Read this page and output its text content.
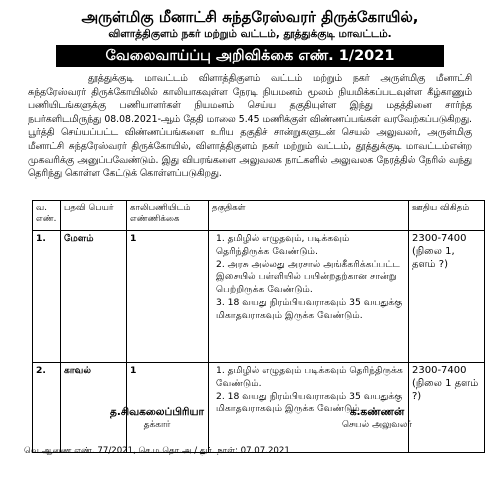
அருள்மிகு மீனாட்சி சுந்தரேஸ்வரர் திருக்கோயில்,
விளாத்திகுளம் நகர் மற்றும் வட்டம், தூத்துக்குடி மாவட்டம்.
வேலைவாய்ப்பு அறிவிக்கை எண். 1/2021
தூத்துக்குடி மாவட்டம் விளாத்திகுளம் வட்டம் மற்றும் நகர் அருள்மிகு மீனாட்சி சுந்தரேஸ்வரர் திருக்கோயிலில் காலியாகவுள்ள நேரடி நியமனம் மூலம் நியமிக்கப்படவுள்ள கீழ்காணும் பணியிடங்களுக்கு பணியாளர்கள் நியமனம் செய்ய தகுதியுள்ள இந்து மதத்தினை சார்ந்த நபர்களிடமிருந்து 08.08.2021-ஆம் தேதி மாலை 5.45 மணிக்குள் விண்ணப்பங்கள் வரவேற்கப்படுகிறது. பூர்த்தி செய்யப்பட்ட விண்ணப்பங்களை உரிய தகுதிச் சான்றுகளுடன் செயல் அலுவலர், அருள்மிகு மீனாட்சி சுந்தரேஸ்வரர் திருக்கோயில், விளாத்திகுளம் நகர் மற்றும் வட்டம், தூத்துக்குடி மாவட்டம்என்ற முகவரிக்கு அனுப்பவேண்டும். இது விபரங்களை அலுவலக நாட்களில் அலுவலக நேரத்தில் நேரில் வந்து தெரிந்து கொள்ள கேட்டுக் கொள்ளப்படுகிறது.
வ. எண்.	பதவி பெயர்	காலிபணியிடம் எண்ணிக்கை	தகுதிகள்	ஊதிய விகிதம்
1.	மேளம்	1	1. தமிழில் எழுதவும், படிக்கவும் தெரிந்திருக்க வேண்டும்.
2. அரசு அல்லது அரசால் அங்கீகரிக்கப்பட்ட இசையில் பள்ளியில் பயின்றதற்கான சான்று பெற்றிருக்க வேண்டும்.
3. 18 வயது நிரம்பியவராகவும் 35 வயதுக்கு மிகாதவராகவும் இருக்க வேண்டும்.	2300-7400 (நிலை 1, தளம் ?)
2.	காவல்	1	1. தமிழில் எழுதவும் படிக்கவும் தெரிந்திருக்க வேண்டும்.
2. 18 வயது நிரம்பியவராகவும் 35 வயதுக்கு மிகாதவராகவும் இருக்க வேண்டும்.	2300-7400 (நிலை 1 தளம் ?)
த.சிவகலைப்பிரியா
தக்கார்
க.கண்ணன்
செயல் அலுவலர்
வெ.ஆணை எண். 77/2021, செ.ம.தொ.அ / துர். நாள்: 07.07.2021
